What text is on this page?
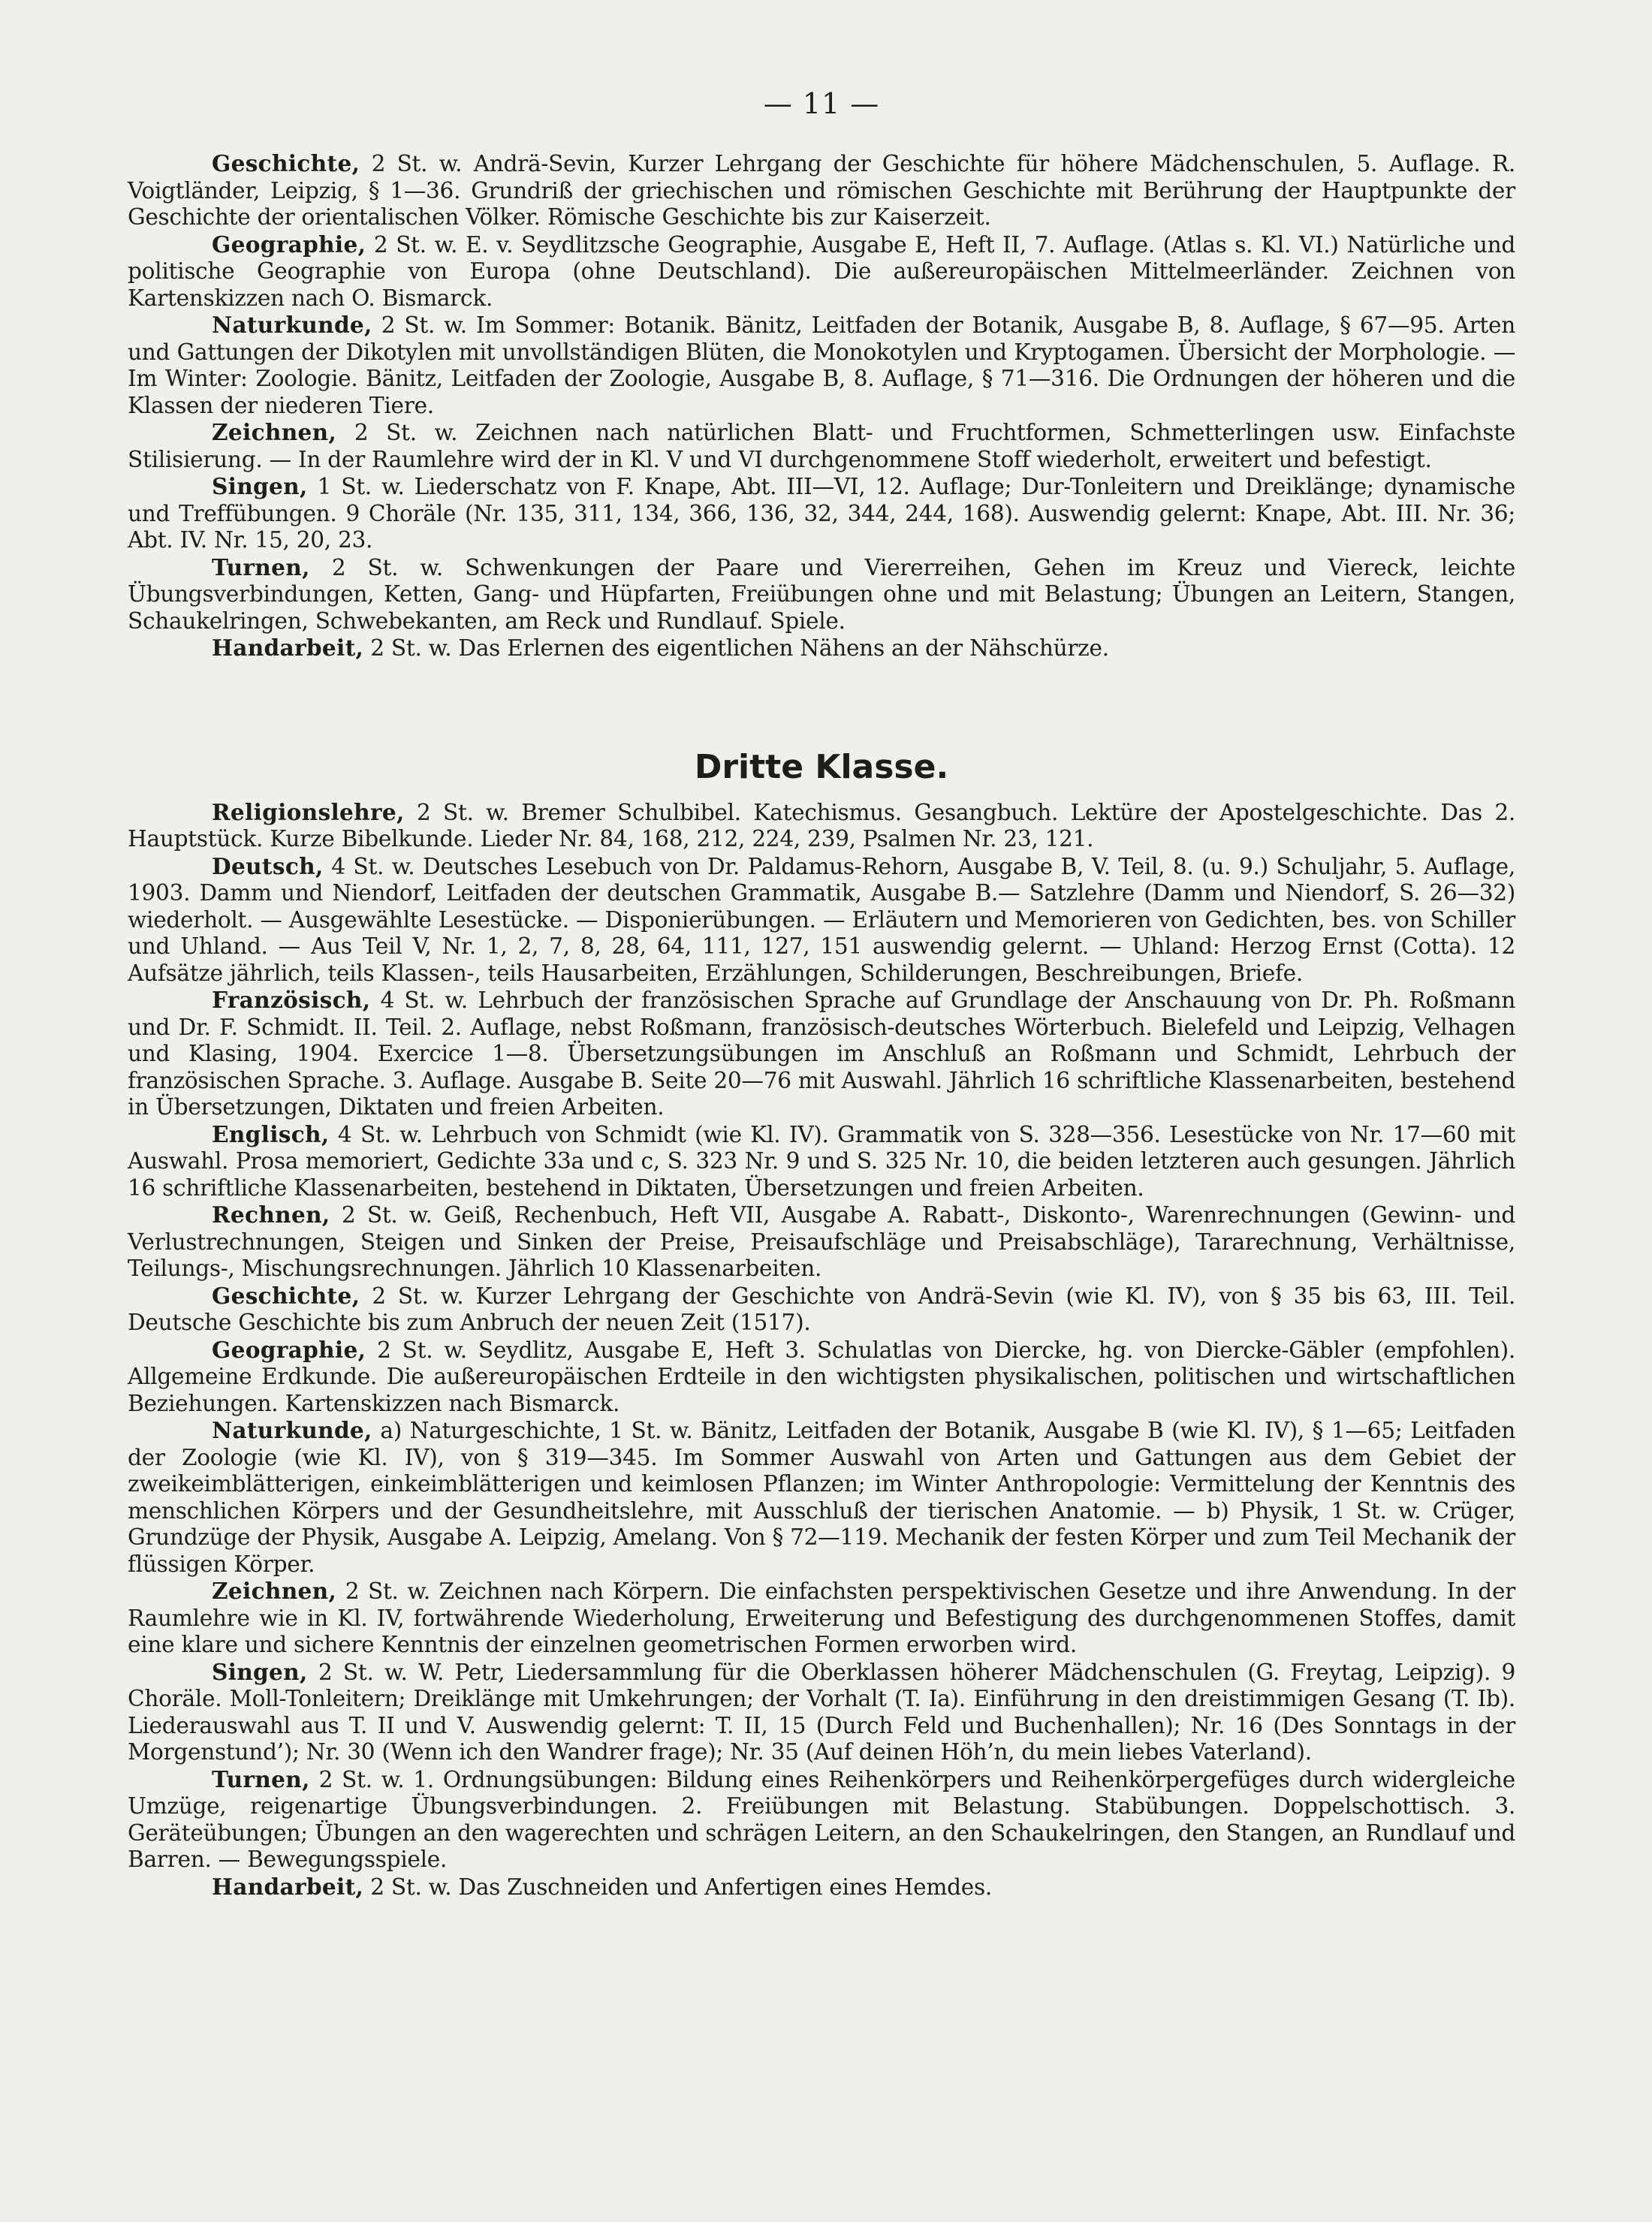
— 11 —

Geschichte, 2 St. w. Andrä-Sevin, Kurzer Lehrgang der Geschichte für höhere Mädchenschulen, 5. Auflage. R. Voigtländer, Leipzig, § 1—36. Grundriß der griechischen und römischen Geschichte mit Berührung der Hauptpunkte der Geschichte der orientalischen Völker. Römische Geschichte bis zur Kaiserzeit.

Geographie, 2 St. w. E. v. Seydlitzsche Geographie, Ausgabe E, Heft II, 7. Auflage. (Atlas s. Kl. VI.) Natürliche und politische Geographie von Europa (ohne Deutschland). Die außereuropäischen Mittelmeerländer. Zeichnen von Kartenskizzen nach O. Bismarck.

Naturkunde, 2 St. w. Im Sommer: Botanik. Bänitz, Leitfaden der Botanik, Ausgabe B, 8. Auflage, § 67—95. Arten und Gattungen der Dikotylen mit unvollständigen Blüten, die Monokotylen und Kryptogamen. Übersicht der Morphologie. — Im Winter: Zoologie. Bänitz, Leitfaden der Zoologie, Ausgabe B, 8. Auflage, § 71—316. Die Ordnungen der höheren und die Klassen der niederen Tiere.

Zeichnen, 2 St. w. Zeichnen nach natürlichen Blatt- und Fruchtformen, Schmetterlingen usw. Einfachste Stilisierung. — In der Raumlehre wird der in Kl. V und VI durchgenommene Stoff wiederholt, erweitert und befestigt.

Singen, 1 St. w. Liederschatz von F. Knape, Abt. III—VI, 12. Auflage; Dur-Tonleitern und Dreiklänge; dynamische und Treffübungen. 9 Choräle (Nr. 135, 311, 134, 366, 136, 32, 344, 244, 168). Auswendig gelernt: Knape, Abt. III. Nr. 36; Abt. IV. Nr. 15, 20, 23.

Turnen, 2 St. w. Schwenkungen der Paare und Viererreihen, Gehen im Kreuz und Viereck, leichte Übungsverbindungen, Ketten, Gang- und Hüpfarten, Freiübungen ohne und mit Belastung; Übungen an Leitern, Stangen, Schaukelringen, Schwebekanten, am Reck und Rundlauf. Spiele.

Handarbeit, 2 St. w. Das Erlernen des eigentlichen Nähens an der Nähschürze.

Dritte Klasse.

Religionslehre, 2 St. w. Bremer Schulbibel. Katechismus. Gesangbuch. Lektüre der Apostelgeschichte. Das 2. Hauptstück. Kurze Bibelkunde. Lieder Nr. 84, 168, 212, 224, 239, Psalmen Nr. 23, 121.

Deutsch, 4 St. w. Deutsches Lesebuch von Dr. Paldamus-Rehorn, Ausgabe B, V. Teil, 8. (u. 9.) Schuljahr, 5. Auflage, 1903. Damm und Niendorf, Leitfaden der deutschen Grammatik, Ausgabe B.— Satzlehre (Damm und Niendorf, S. 26—32) wiederholt. — Ausgewählte Lesestücke. — Disponierübungen. — Erläutern und Memorieren von Gedichten, bes. von Schiller und Uhland. — Aus Teil V, Nr. 1, 2, 7, 8, 28, 64, 111, 127, 151 auswendig gelernt. — Uhland: Herzog Ernst (Cotta). 12 Aufsätze jährlich, teils Klassen-, teils Hausarbeiten, Erzählungen, Schilderungen, Beschreibungen, Briefe.

Französisch, 4 St. w. Lehrbuch der französischen Sprache auf Grundlage der Anschauung von Dr. Ph. Roßmann und Dr. F. Schmidt. II. Teil. 2. Auflage, nebst Roßmann, französisch-deutsches Wörterbuch. Bielefeld und Leipzig, Velhagen und Klasing, 1904. Exercice 1—8. Übersetzungsübungen im Anschluß an Roßmann und Schmidt, Lehrbuch der französischen Sprache. 3. Auflage. Ausgabe B. Seite 20—76 mit Auswahl. Jährlich 16 schriftliche Klassenarbeiten, bestehend in Übersetzungen, Diktaten und freien Arbeiten.

Englisch, 4 St. w. Lehrbuch von Schmidt (wie Kl. IV). Grammatik von S. 328—356. Lesestücke von Nr. 17—60 mit Auswahl. Prosa memoriert, Gedichte 33a und c, S. 323 Nr. 9 und S. 325 Nr. 10, die beiden letzteren auch gesungen. Jährlich 16 schriftliche Klassenarbeiten, bestehend in Diktaten, Übersetzungen und freien Arbeiten.

Rechnen, 2 St. w. Geiß, Rechenbuch, Heft VII, Ausgabe A. Rabatt-, Diskonto-, Warenrechnungen (Gewinn- und Verlustrechnungen, Steigen und Sinken der Preise, Preisaufschläge und Preisabschläge), Tararechnung, Verhältnisse, Teilungs-, Mischungsrechnungen. Jährlich 10 Klassenarbeiten.

Geschichte, 2 St. w. Kurzer Lehrgang der Geschichte von Andrä-Sevin (wie Kl. IV), von § 35 bis 63, III. Teil. Deutsche Geschichte bis zum Anbruch der neuen Zeit (1517).

Geographie, 2 St. w. Seydlitz, Ausgabe E, Heft 3. Schulatlas von Diercke, hg. von Diercke-Gäbler (empfohlen). Allgemeine Erdkunde. Die außereuropäischen Erdteile in den wichtigsten physikalischen, politischen und wirtschaftlichen Beziehungen. Kartenskizzen nach Bismarck.

Naturkunde, a) Naturgeschichte, 1 St. w. Bänitz, Leitfaden der Botanik, Ausgabe B (wie Kl. IV), § 1—65; Leitfaden der Zoologie (wie Kl. IV), von § 319—345. Im Sommer Auswahl von Arten und Gattungen aus dem Gebiet der zweikeimblätterigen, einkeimblätterigen und keimlosen Pflanzen; im Winter Anthropologie: Vermittelung der Kenntnis des menschlichen Körpers und der Gesundheitslehre, mit Ausschluß der tierischen Anatomie. — b) Physik, 1 St. w. Crüger, Grundzüge der Physik, Ausgabe A. Leipzig, Amelang. Von § 72—119. Mechanik der festen Körper und zum Teil Mechanik der flüssigen Körper.

Zeichnen, 2 St. w. Zeichnen nach Körpern. Die einfachsten perspektivischen Gesetze und ihre Anwendung. In der Raumlehre wie in Kl. IV, fortwährende Wiederholung, Erweiterung und Befestigung des durchgenommenen Stoffes, damit eine klare und sichere Kenntnis der einzelnen geometrischen Formen erworben wird.

Singen, 2 St. w. W. Petr, Liedersammlung für die Oberklassen höherer Mädchenschulen (G. Freytag, Leipzig). 9 Choräle. Moll-Tonleitern; Dreiklänge mit Umkehrungen; der Vorhalt (T. Ia). Einführung in den dreistimmigen Gesang (T. Ib). Liederauswahl aus T. II und V. Auswendig gelernt: T. II, 15 (Durch Feld und Buchenhallen); Nr. 16 (Des Sonntags in der Morgenstund’); Nr. 30 (Wenn ich den Wandrer frage); Nr. 35 (Auf deinen Höh’n, du mein liebes Vaterland).

Turnen, 2 St. w. 1. Ordnungsübungen: Bildung eines Reihenkörpers und Reihenkörpergefüges durch widergleiche Umzüge, reigenartige Übungsverbindungen. 2. Freiübungen mit Belastung. Stabübungen. Doppelschottisch. 3. Geräteübungen; Übungen an den wagerechten und schrägen Leitern, an den Schaukelringen, den Stangen, an Rundlauf und Barren. — Bewegungsspiele.

Handarbeit, 2 St. w. Das Zuschneiden und Anfertigen eines Hemdes.
